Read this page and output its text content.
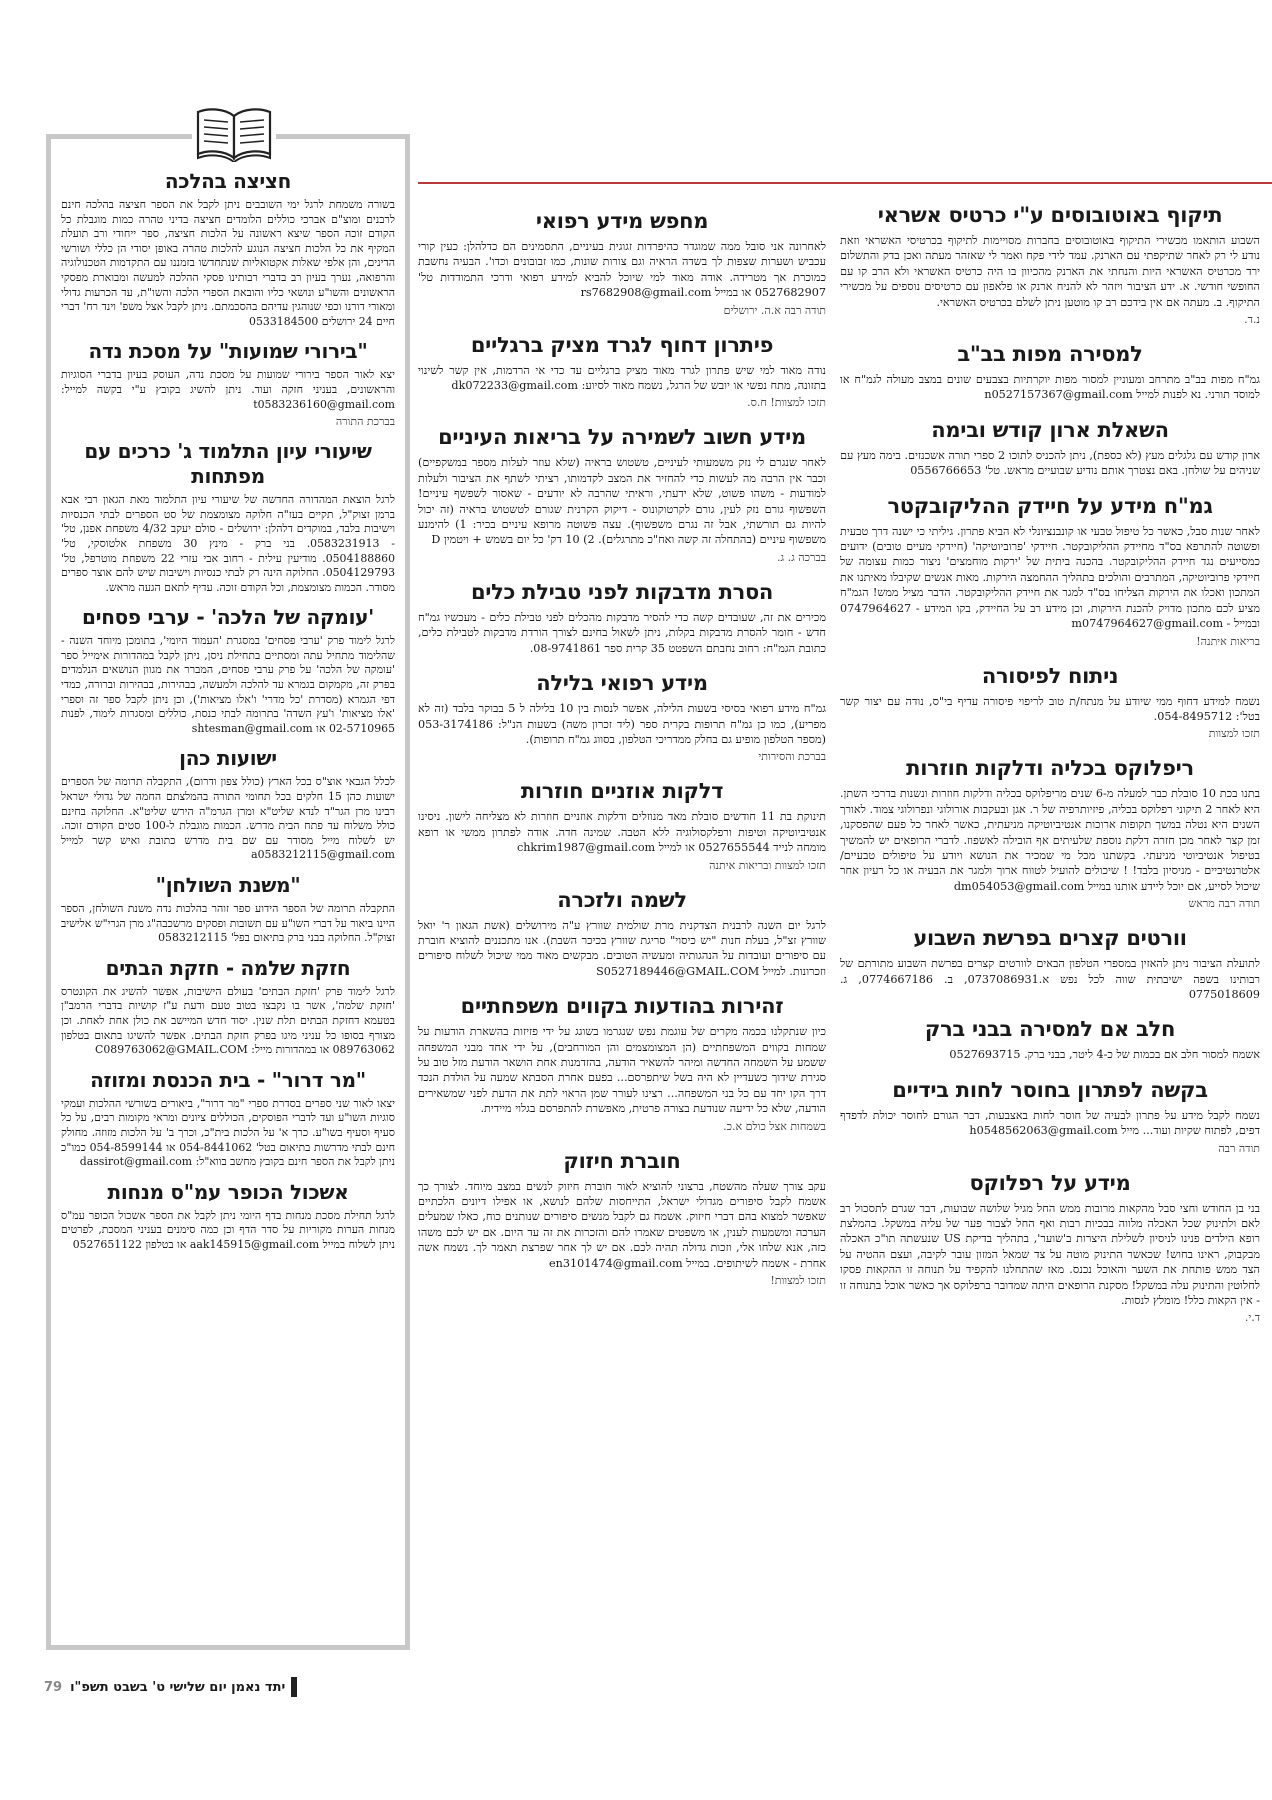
תיקוף באוטובוסים ע"י כרטיס אשראי

השבוע הותאמו מכשירי התיקוף באוטובוסים בחברות מסויימות לתיקוף בכרטיסי האשראי וזאת נודע לי רק לאחר שתיקפתי עם הארנק. עמד לידי פקח ואמר לי שאזהר מעתה ואכן בדק והתשלום ירד מכרטיס האשראי היות והנחתי את הארנק מהכיוון בו היה כרטיס האשראי ולא הרב קו עם החופשי חודשי. א. ידע הציבור ויזהר לא להניח ארנק או פלאפון עם כרטיסים נוספים על מכשירי התיקוף. ב. מעתה אם אין בידכם רב קו מוטען ניתן לשלם בכרטיס האשראי.

נ.ד.
למסירה מפות בב"ב

גמ"ח מפות בב"ב מתרחב ומעוניין למסור מפות יוקרתיות בצבעים שונים במצב מעולה לגמ"ח או למוסד תורני. נא לפנות למייל n0527157367@gmail.com

השאלת ארון קודש ובימה

ארון קודש עם גלגלים מעץ (לא כספת), ניתן להכניס לתוכו 2 ספרי תורה אשכנזים. בימה מעץ עם שניהים על שולחן. באם נצטרך אותם נודיע שבועיים מראש. טל' 0556766653

גמ"ח מידע על חיידק ההליקובקטר

לאחר שנות סבל, כאשר כל טיפול טבעי או קונבנציונלי לא הביא פתרון. גיליתי כי ישנה דרך טבעית ופשוטה להתרפא בס"ד מחיידק ההליקובקטר. חיידקי 'פרוביוטיקה' (חיידקי מעיים טובים) ידועים כמסייעים נגד חיידק ההליקובקטר. בהכנה ביתית של 'ירקות מוחמצים' ניצור כמות עצומה של חיידקי פרוביוטיקה, המתרבים והולכים בתהליך ההחמצה הירקות. מאות אנשים שקיבלו מאיתנו את המתכון ואכלו את הירקות הצליחו בס"ד למגר את חיידק ההליקובקטר. הדבר מציל ממש! הגמ"ח מציע לכם מתכון מדויק להכנת הירקות, וכן מידע רב על החיידק, בקו המידע - 0747964627 ובמייל - m0747964627@gmail.com

בריאות איתנה!
ניתוח לפיסורה

נשמח למידע דחוף ממי שיודע על מנתח/ת טוב לריפוי פיסורה עדיף בי"ס, נודה עם יצור קשר בטל': 054-8495712.

תזכו למצוות
ריפלוקס בכליה ודלקות חוזרות

בתנו בכת 10 סובלת כבר למעלה מ-6 שנים מריפלוקס בכליה ודלקות חוזרות ונשנות בדרכי השתן. היא לאחר 2 תיקוני רפלוקס בכליה, פיזיותרפיה של ר. אגן ובעקבות אורולוגי ונפרולוגי צמוד. לאורך השנים היא נטלה במשך תקופות ארוכות אנטיביוטיקה מניעתית, כאשר לאחר כל פעם שהפסקנו, זמן קצר לאחר מכן חזרה דלקת נוספת שלעיתים אף הובילה לאשפוז. לדברי הרופאים יש להמשיך בטיפול אנטיביוטי מניעתי. בקשתנו מכל מי שמכיר את הנושא ויודע על טיפולים טבעיים/ אלטרנטיביים - מניסיון בלבד! ! שיכולים להועיל לטווח ארוך ולמגר את הבעיה או כל רעיון אחר שיכול לסייע, אם יוכל ליידע אותנו במייל dm054053@gmail.com

תודה רבה מראש
וורטים קצרים בפרשת השבוע

לתועלת הציבור ניתן להאזין במספרי הטלפון הבאים לוורטים קצרים בפרשת השבוע מתורתם של רבותינו בשפה ישיבתית שווה לכל נפש א.0737086931, ב. 0774667186, ג. 0775018609

חלב אם למסירה בבני ברק

אשמח למסור חלב אם בכמות של כ-4 ליטר, בבני ברק. 0527693715

בקשה לפתרון בחוסר לחות בידיים

נשמח לקבל מידע על פתרון לבעיה של חוסר לחות באצבעות, דבר הגורם לחוסר יכולת לדפדף דפים, לפתוח שקיות ועוד... מייל h0548562063@gmail.com

תודה רבה
מידע על רפלוקס

בני בן החודש וחצי סבל מהקאות מרובות ממש החל מגיל שלושה שבועות, דבר שגרם לתסכול רב לאם ולתינוק שכל האכלה מלווה בבכיות רבות ואף החל לצבור פער של עליה במשקל. בהמלצת רופא הילדים פנינו לניסיון לשלילת היצרות ב'שוער', בתהליך בדיקת US שנעשתה תו"כ האכלה מבקבוק, ראינו בחוש! שכאשר התינוק מוטה על צד שמאל המזון עובר לקיבה, ועצם ההטיה על הצד ממש פותחת את השער והאוכל נכנס. מאז שהתחלנו להקפיד על תנוחה זו ההקאות פסקו לחלוטין והתינוק עלה במשקל! מסקנת הרופאים היתה שמדובר ברפלוקס אך כאשר אוכל בתנוחה זו - אין הקאות כלל! מומלץ לנסות.

ד.י.
מחפש מידע רפואי

לאחרונה אני סובל ממה שמוגדר כהיפרדות זגוגית בעיניים, התסמינים הם כדלהלן: כעין קורי עכביש ושערות שצפות לך בשדה הראיה וגם צורות שונות, כמו זבובונים וכדו'. הבעיה נחשבת כמוכרת אך מטרידה. אודה מאוד למי שיוכל להביא למידע רפואי ודרכי התמודדות טל' 0527682907 או במייל rs7682908@gmail.com

תודה רבה א.ה. ירושלים
פיתרון דחוף לגרד מציק ברגליים

נודה מאוד למי שיש פתרון לגרד מאוד מציק ברגליים עד כדי אי הרדמות, אין קשר לשינוי בתזונה, מתח נפשי או יובש של הרגל, נשמח מאוד לסיוע: dk072233@gmail.com

תזכו למצוות! ח.ס.
מידע חשוב לשמירה על בריאות העיניים

לאחר שנגרם לי נזק משמעותי לעיניים, טשטוש בראיה (שלא עוזר לעלות מספר במשקפיים) וכבר אין הרבה מה לעשות כדי להחזיר את המצב לקדמותו, רציתי לשתף את הציבור ולעלות למודעות - משהו פשוט, שלא ידעתי, וראיתי שהרבה לא יודעים - שאסור לשפשף עיניים! השפשוף גורם נזק לעין, גורם לקרטוקונוס - דיקוק הקרנית שגורם לטשטוש בראיה (זה יכול להיות גם תורשתי, אבל זה נגרם משפשוף). עצה פשוטה מרופא עיניים בכיר: 1) להימנע משפשוף עיניים (בהתחלה זה קשה ואח"כ מתרגלים). 2) 10 דק' כל יום בשמש + ויטמין D

בברכה ג. ג.
הסרת מדבקות לפני טבילת כלים

מכירים את זה, שעובדים קשה כדי להסיר מדבקות מהכלים לפני טבילת כלים - מעכשיו גמ"ח חדש - חומר להסרת מדבקות בקלות, ניתן לשאול בחינם לצורך הורדת מדבקות לטבילת כלים, כתובת הגמ"ח: רחוב נחבתם השפטט 35 קרית ספר 08-9741861.

מידע רפואי בלילה

גמ"ח מידע רפואי בסיסי בשעות הלילה, אפשר לנסות בין 10 בלילה ל 5 בבוקר בלבד (זה לא מפריע), כמו כן גמ"ח תרופות בקרית ספר (ליד זכרון משה) בשעות הנ"ל: 053-3174186 (מספר הטלפון מופיע גם בחלק ממדריכי הטלפון, בסווג גמ"ח תרופות).

בברכת והסירותי
דלקות אוזניים חוזרות

תינוקת בת 11 חודשים סובלת מאד מנוזלים ודלקות אוזניים חוזרות לא מצליחה לישון. ניסינו אנטיביוטיקה וטיפות ורפלקסולוגיה ללא הטבה. שמינה חדה. אודה לפתרון ממשי או רופא מומחה לנייד 0527655544 או למייל chkrim1987@gmail.com

תזכו למצוות ובריאות איתנה
לשמה ולזכרה

לרגל יום השנה לרבנית הצדקנית מרת שולמית שוורץ ע"ה מירושלים (אשת הגאון ר' יואל שוורץ זצ"ל, בעלת חנות "יש כיסוי" סריגת שוורץ בכיכר השבת). אנו מתכננים להוציא חוברת עם סיפורים ועובדות על הנהגותיה ומעשיה הטובים. מבקשים מאוד ממי שיכול לשלוח סיפורים וזכרונות. למייל S0527189446@GMAIL.COM

זהירות בהודעות בקווים משפחתיים

כיון שנתקלנו בכמה מקרים של עוגמת נפש שנגרמו בשוגג על ידי פזיזות בהשארת הודעות על שמחות בקווים המשפחתיים (הן המצומצמים והן המורחבים), על ידי אחד מבני המשפחה ששמע על השמחה החדשה ומיהר להשאיר הודעה, בהזדמנות אחת הושאר הודעת מזל טוב על סגירת שידוך כשעדיין לא היה בשל שיתפרסם... בפעם אחרת הסבתא שמעה על הולדת הנכד דרך הקו יחד עם כל בני המשפחה... רצינו לעורר שמן הראוי לתת את הדעת לפני שמשאירים הודעה, שלא כל ידיעה שנודעת בצורה פרטית, מאפשרת להתפרסם בגלוי מיידית.

בשמחות אצל כולם א.כ.
חוברת חיזוק

עקב צורך שעלה מהשטח, ברצוני להוציא לאור חוברת חיזוק לנשים במצב מיוחד. לצורך כך אשמח לקבל סיפורים מגדולי ישראל, התייחסות שלהם לנושא, או אפילו דיונים הלכתיים שאפשר למצוא בהם דברי חיזוק. אשמח גם לקבל מנשים סיפורים שנותנים כוח, כאלו שמעלים הערכה ומשמעות לענין, או משפטים שאמרו להם והזכרות את זה עד היום. אם יש לכם משהו כזה, אנא שלחו אלי, וזכות גדולה תהיה לכם. אם יש לך אחר שפרצת תאמר לך. נשמח אשה אחרת - אשמח לשיתופים. במייל en3101474@gmail.com

תזכו למצוות!
חציצה בהלכה

בשורה משמחת לרגל ימי השובבים ניתן לקבל את הספר חציצה בהלכה חינם לרבנים ומוצ"ם אברכי כוללים הלומדים חציצה בדיני טהרה כמות מוגבלת כל הקודם זוכה הספר שיצא ראשונה על הלכות חציצה, ספר ייחודי ורב תועלת המקיף את כל הלכות חציצה הנוגע להלכות טהרה באופן יסודי הן כללי ושורשי הדינים, והן אלפי שאלות אקטואליות שנתחדשו בזמננו עם התקדמות הטכנולוגיה והרפואה, נערך בעיון רב בדברי רבותינו פסקי ההלכה למעשה ומבוארת מפסקי הראשונים והשו"ע ונושאי כליו והובאת הספרי הלכה והשו"ת, עד הכרעות גדולי ומאורי דורנו וכפי שנוהגין עדיהם בהסכמתם. ניתן לקבל אצל משפ' וינד רח' דברי חיים 24 ירושלים 0533184500

"בירורי שמועות" על מסכת נדה

יצא לאור הספר בירורי שמועות על מסכת נדה, העוסק בעיון בדברי הסוגיות והראשונים, בעניני חזקה ועוד. ניתן להשיג בקובץ ע"י בקשה למייל: t0583236160@gmail.com

בברכת התורה
שיעורי עיון התלמוד ג' כרכים עם מפתחות

לרגל הוצאת המהדורה החדשה של שיעורי עיון התלמוד מאת הגאון רבי אבא ברמן זצוק"ל, תקיים בעז"ה חלוקה מצומצמת של סט הספרים לבתי הכנסיות וישיבות בלבד, במוקדים דלהלן: ירושלים - סולם יעקב 4/32 משפחת אפנן, טל' - 0583231913. בני ברק - מינץ 30 משפחת אלטוסקי, טל' 0504188860. מודיעין עילית - רחוב אבי עזרי 22 משפחת מוטרפל, טל' 0504129793. החלוקה הינה רק לבתי כנסיות וישיבות שיש להם אוצר ספרים מסודר. הכמות מצומצמת, וכל הקודם זוכה. עדיף לתאם הגעה מראש.

'עומקה של הלכה' - ערבי פסחים

לרגל לימוד פרק 'ערבי פסחים' במסגרת 'העמוד היומי', בתומכן מיוחד השנה - שהלימוד מתחיל עתה ומסתיים בתחילת ניסן, ניתן לקבל במהדורות אימייל ספר 'עומקה של הלכה' על פרק ערבי פסחים, המברר את מגוון הנושאים הנלמדים בפרק זה, מקמקום בגמרא עד להלכה ולמעשה, בבהירות, בבהירות וברורה, כמדי דפי הגמרא (מסדרת 'כל מדרי' ו'אלו מציאות'), וכן ניתן לקבל ספר זה וספרי 'אלו מציאות' ו'עץ השדה' בתרומה לבתי כנסת, כוללים ומסגרות לימוד, לפנות 02-5710965 או shtesman@gmail.com

ישועות כהן

לכלל הגבאי אוצ"ס בכל הארץ (כולל צפון ודרום), התקבלה תרומה של הספרים ישועות כהן 15 חלקים בכל תחומי התורה בהמלצתם החמה של גדולי ישראל רבינו מרן הגר"ד לנדא שליט"א ומרן הגרמ"ה הירש שליט"א. החלוקה בחינם כולל משלוח עד פתח הבית מדרש. הכמות מוגבלת ל-100 סטים הקודם זוכה. יש לשלוח מייל מסודר עם שם בית מדרש כתובת ואיש קשר למייל a0583212115@gmail.com

"משנת השולחן"

התקבלה תרומה של הספר הידוע ספר זוהר בהלכות נדה משנת השולחן, הספר היינו ביאור על דברי השו"ע עם תשובות ופסקים מרשכבה"ג מרן הגרי"ש אלישיב זצוק"ל. החלוקה בבני ברק בתיאום בפל' 0583212115

חזקת שלמה - חזקת הבתים

לרגל לימוד פרק 'חזקת הבתים' בעולם הישיבות, אפשר להשיג את הקונטרס 'חזקת שלמה', אשר בו נקבצו בטוב טעם ודעת ע"ז קושיות בדברי הרמב"ן בטעמא דחזקת הבתים תלת שנין. יסוד חדש המיישב את כולן אחת לאחת. וכן מצורף בסופו כל עניני מיגו בפרק חזקת הבתים. אפשר להשיגו בתאום בטלפון 089763062 או במהדורות מייל: C089763062@GMAIL.COM

"מר דרור" - בית הכנסת ומזוזה

יצאו לאור שני ספרים בסדרת ספרי "מר דרור", ביאורים בשורשי ההלכות ועמקי סוגיות השו"ע ועד לדברי הפוסקים, הכוללים ציונים ומראי מקומות רבים, על כל סעיף וסעיף בשו"ע. כרך א' על הלכות בית"כ, וכרך ב' על הלכות מזוזה. מחולק חינם לבתי מדרשות בתיאום בטל' 054-8441062 או 054-8599144 כמו"כ ניתן לקבל את הספר חינם בקובץ מחשב בווא"ל: dassirot@gmail.com

אשכול הכופר עמ"ס מנחות

לרגל תחילת מסכת מנחות בדף היומי ניתן לקבל את הספר אשכול הכופר עמ"ס מנחות הערות מקוריות על סדר הדף וכן כמה סימנים בעניני המסכת, לפרטים ניתן לשלוח במייל aak145915@gmail.com או בטלפון 0527651122

יתד נאמן יום שלישי ט' בשבט תשפ"ו
79
